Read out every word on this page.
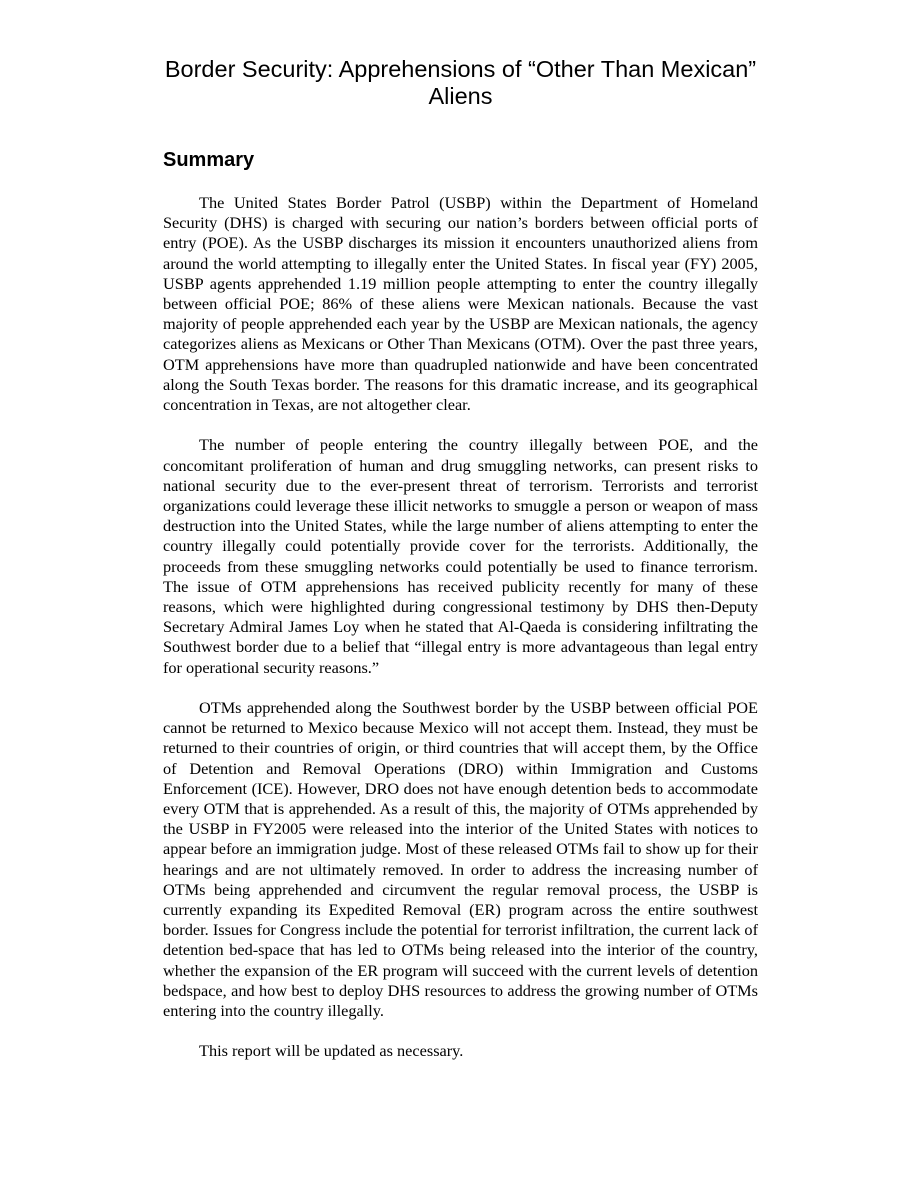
Border Security: Apprehensions of “Other Than Mexican” Aliens
Summary

The United States Border Patrol (USBP) within the Department of Homeland Security (DHS) is charged with securing our nation’s borders between official ports of entry (POE). As the USBP discharges its mission it encounters unauthorized aliens from around the world attempting to illegally enter the United States. In fiscal year (FY) 2005, USBP agents apprehended 1.19 million people attempting to enter the country illegally between official POE; 86% of these aliens were Mexican nationals. Because the vast majority of people apprehended each year by the USBP are Mexican nationals, the agency categorizes aliens as Mexicans or Other Than Mexicans (OTM). Over the past three years, OTM apprehensions have more than quadrupled nationwide and have been concentrated along the South Texas border. The reasons for this dramatic increase, and its geographical concentration in Texas, are not altogether clear.

The number of people entering the country illegally between POE, and the concomitant proliferation of human and drug smuggling networks, can present risks to national security due to the ever-present threat of terrorism. Terrorists and terrorist organizations could leverage these illicit networks to smuggle a person or weapon of mass destruction into the United States, while the large number of aliens attempting to enter the country illegally could potentially provide cover for the terrorists. Additionally, the proceeds from these smuggling networks could potentially be used to finance terrorism. The issue of OTM apprehensions has received publicity recently for many of these reasons, which were highlighted during congressional testimony by DHS then-Deputy Secretary Admiral James Loy when he stated that Al-Qaeda is considering infiltrating the Southwest border due to a belief that “illegal entry is more advantageous than legal entry for operational security reasons.”

OTMs apprehended along the Southwest border by the USBP between official POE cannot be returned to Mexico because Mexico will not accept them. Instead, they must be returned to their countries of origin, or third countries that will accept them, by the Office of Detention and Removal Operations (DRO) within Immigration and Customs Enforcement (ICE). However, DRO does not have enough detention beds to accommodate every OTM that is apprehended. As a result of this, the majority of OTMs apprehended by the USBP in FY2005 were released into the interior of the United States with notices to appear before an immigration judge. Most of these released OTMs fail to show up for their hearings and are not ultimately removed. In order to address the increasing number of OTMs being apprehended and circumvent the regular removal process, the USBP is currently expanding its Expedited Removal (ER) program across the entire southwest border. Issues for Congress include the potential for terrorist infiltration, the current lack of detention bed-space that has led to OTMs being released into the interior of the country, whether the expansion of the ER program will succeed with the current levels of detention bedspace, and how best to deploy DHS resources to address the growing number of OTMs entering into the country illegally.

This report will be updated as necessary.
